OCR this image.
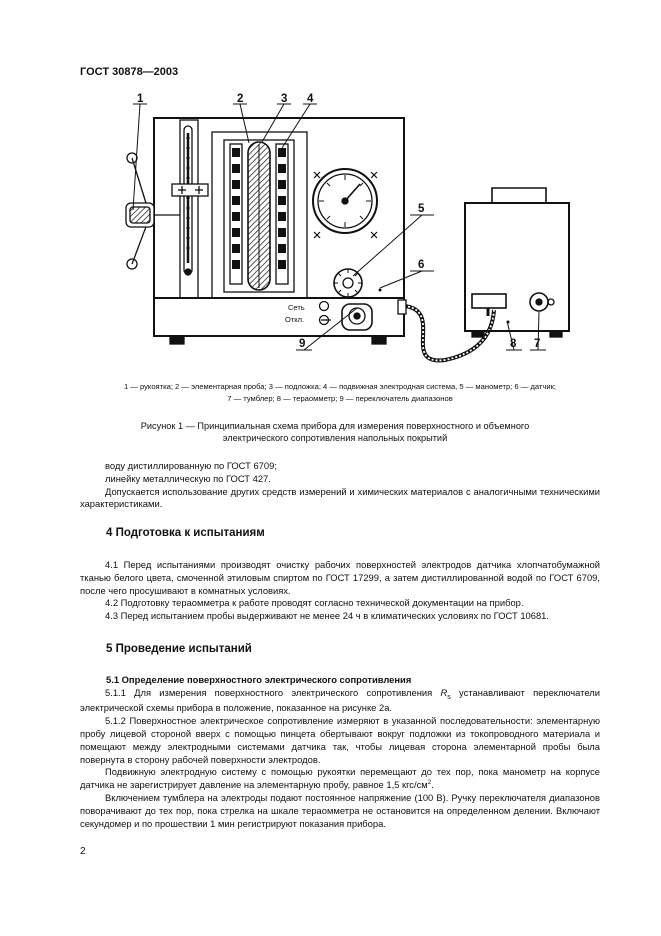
ГОСТ 30878—2003
Сеть
Откл.
1	2	3 4
5
6
7
8
9
1 — рукоятка; 2 — элементарная проба; 3 — подложка; 4 — подвижная электродная система, 5 — манометр; 6 — датчик;
7 — тумблер; 8 — тераомметр; 9 — переключатель диапазонов
Рисунок 1 — Принципиальная схема прибора для измерения поверхностного и объемного
электрического сопротивления напольных покрытий

воду дистиллированную по ГОСТ 6709;

линейку металлическую по ГОСТ 427.

Допускается использование других средств измерений и химических материалов с аналогичными техническими характеристиками.

4 Подготовка к испытаниям

4.1 Перед испытаниями производят очистку рабочих поверхностей электродов датчика хлопчатобумажной тканью белого цвета, смоченной этиловым спиртом по ГОСТ 17299, а затем дистиллированной водой по ГОСТ 6709, после чего просушивают в комнатных условиях.

4.2 Подготовку тераомметра к работе проводят согласно технической документации на прибор.

4.3 Перед испытанием пробы выдерживают не менее 24 ч в климатических условиях по ГОСТ 10681.

5 Проведение испытаний
5.1 Определение поверхностного электрического сопротивления

5.1.1 Для измерения поверхностного электрического сопротивления $R_s$ устанавливают переключатели электрической схемы прибора в положение, показанное на рисунке 2а.

5.1.2 Поверхностное электрическое сопротивление измеряют в указанной последовательности: элементарную пробу лицевой стороной вверх с помощью пинцета обертывают вокруг подложки из токопроводного материала и помещают между электродными системами датчика так, чтобы лицевая сторона элементарной пробы была повернута в сторону рабочей поверхности электродов.

Подвижную электродную систему с помощью рукоятки перемещают до тех пор, пока манометр на корпусе датчика не зарегистрирует давление на элементарную пробу, равное 1,5 кгс/$см^2$.

Включением тумблера на электроды подают постоянное напряжение (100 В). Ручку переключателя диапазонов поворачивают до тех пор, пока стрелка на шкале тераомметра не остановится на определенном делении. Включают секундомер и по прошествии 1 мин регистрируют показания прибора.

2
